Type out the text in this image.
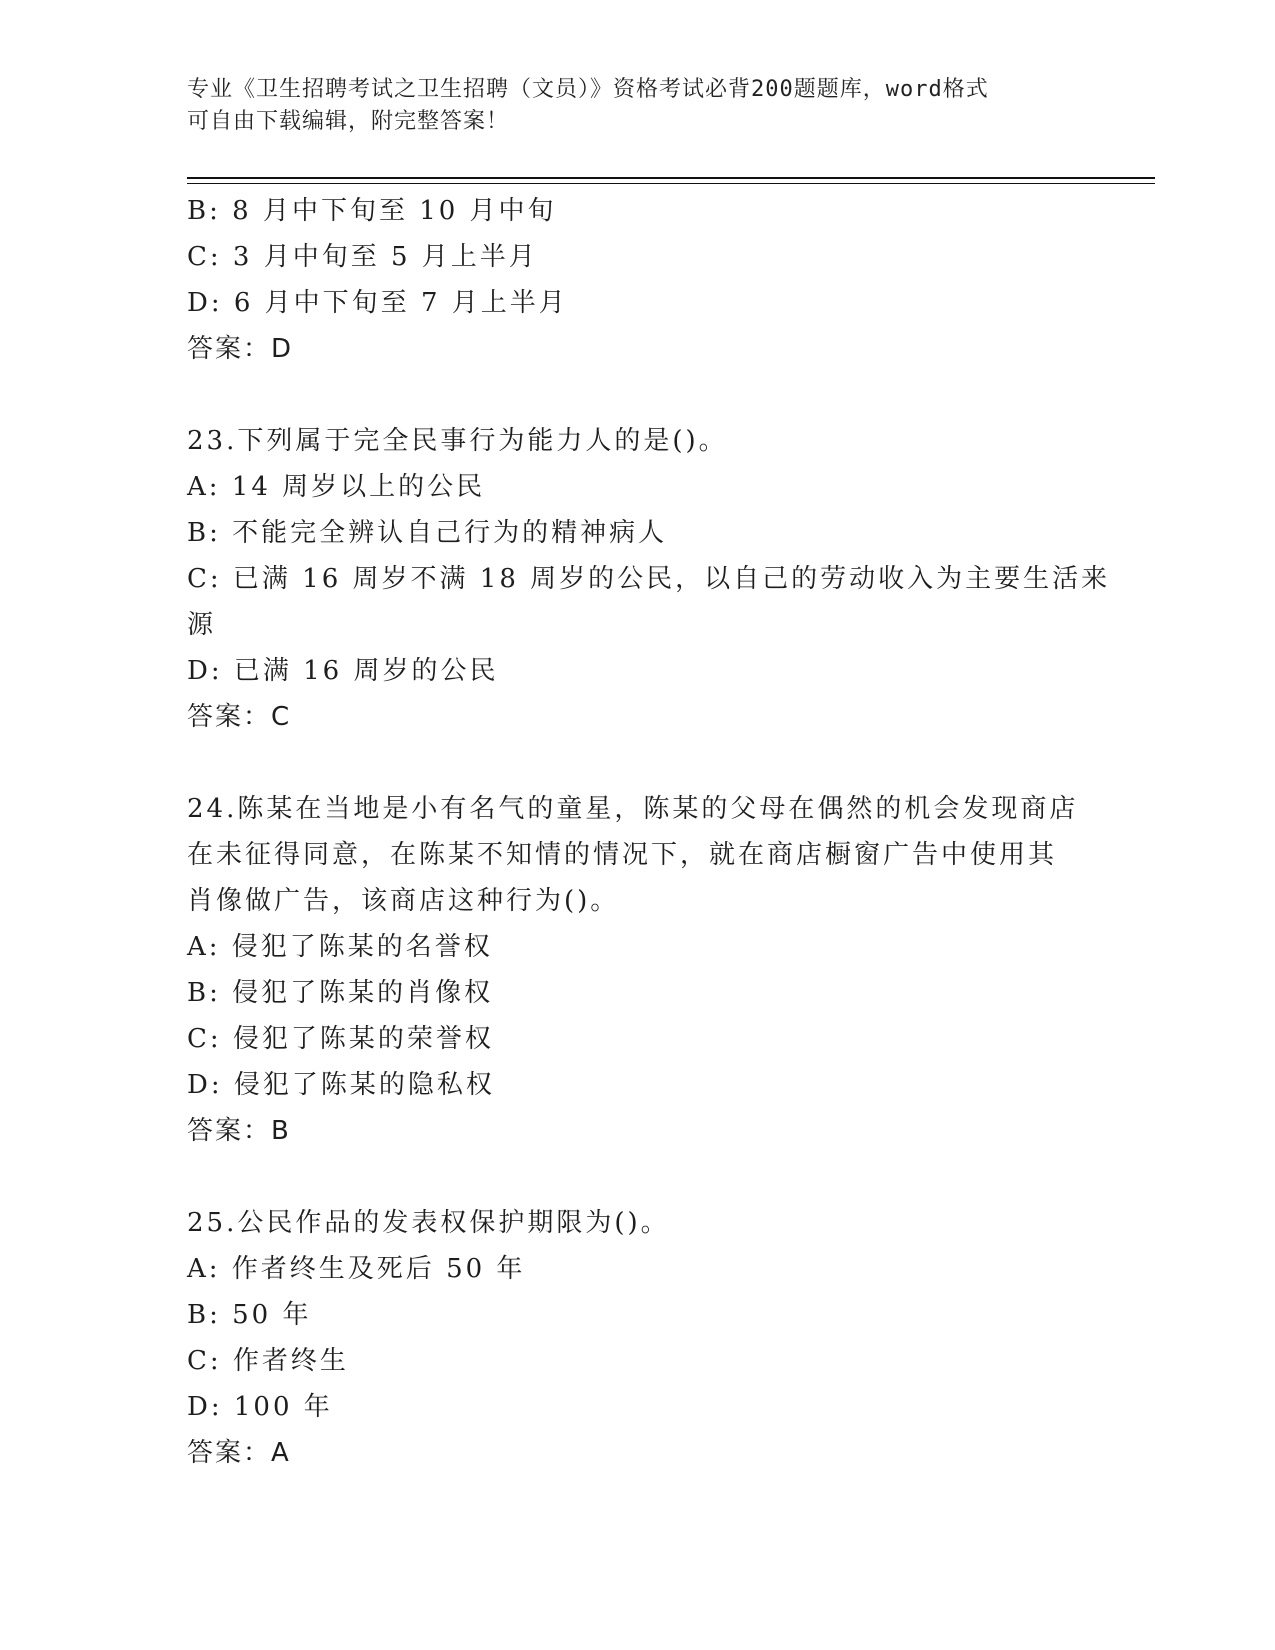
专业《卫生招聘考试之卫生招聘（文员）》资格考试必背200题题库，word格式

可自由下载编辑，附完整答案！

B: 8 月中下旬至 10 月中旬

C: 3 月中旬至 5 月上半月

D: 6 月中下旬至 7 月上半月

答案：D

23.下列属于完全民事行为能力人的是()。

A: 14 周岁以上的公民

B: 不能完全辨认自己行为的精神病人

C: 已满 16 周岁不满 18 周岁的公民，以自己的劳动收入为主要生活来

源

D: 已满 16 周岁的公民

答案：C

24.陈某在当地是小有名气的童星，陈某的父母在偶然的机会发现商店

在未征得同意，在陈某不知情的情况下，就在商店橱窗广告中使用其

肖像做广告，该商店这种行为()。

A: 侵犯了陈某的名誉权

B: 侵犯了陈某的肖像权

C: 侵犯了陈某的荣誉权

D: 侵犯了陈某的隐私权

答案：B

25.公民作品的发表权保护期限为()。

A: 作者终生及死后 50 年

B: 50 年

C: 作者终生

D: 100 年

答案：A
